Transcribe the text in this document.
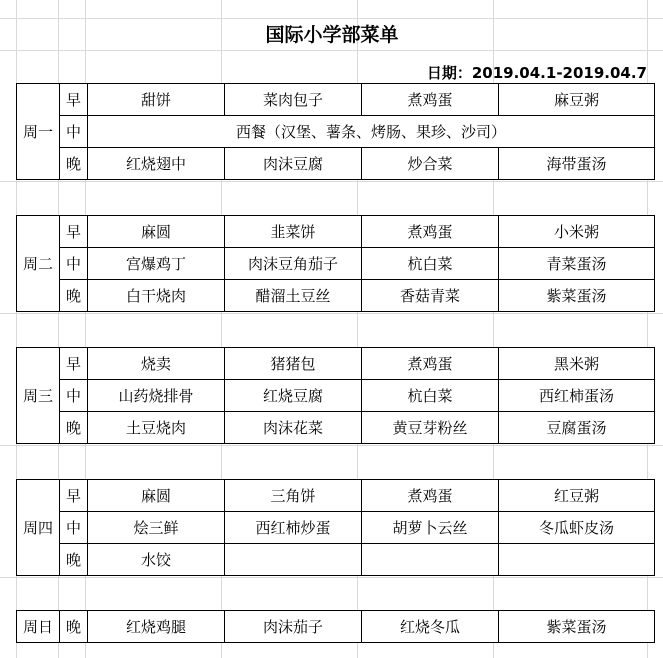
国际小学部菜单
日期：2019.04.1-2019.04.7
周一	早	甜饼	菜肉包子	煮鸡蛋	麻豆粥
	中	西餐（汉堡、薯条、烤肠、果珍、沙司）			
	晚	红烧翅中	肉沫豆腐	炒合菜	海带蛋汤
周二	早	麻圆	韭菜饼	煮鸡蛋	小米粥
	中	宫爆鸡丁	肉沫豆角茄子	杭白菜	青菜蛋汤
	晚	白干烧肉	醋溜土豆丝	香菇青菜	紫菜蛋汤
周三	早	烧卖	猪猪包	煮鸡蛋	黑米粥
	中	山药烧排骨	红烧豆腐	杭白菜	西红柿蛋汤
	晚	土豆烧肉	肉沫花菜	黄豆芽粉丝	豆腐蛋汤
周四	早	麻圆	三角饼	煮鸡蛋	红豆粥
	中	烩三鲜	西红柿炒蛋	胡萝卜云丝	冬瓜虾皮汤
	晚	水饺			
周日	晚	红烧鸡腿	肉沫茄子	红烧冬瓜	紫菜蛋汤
